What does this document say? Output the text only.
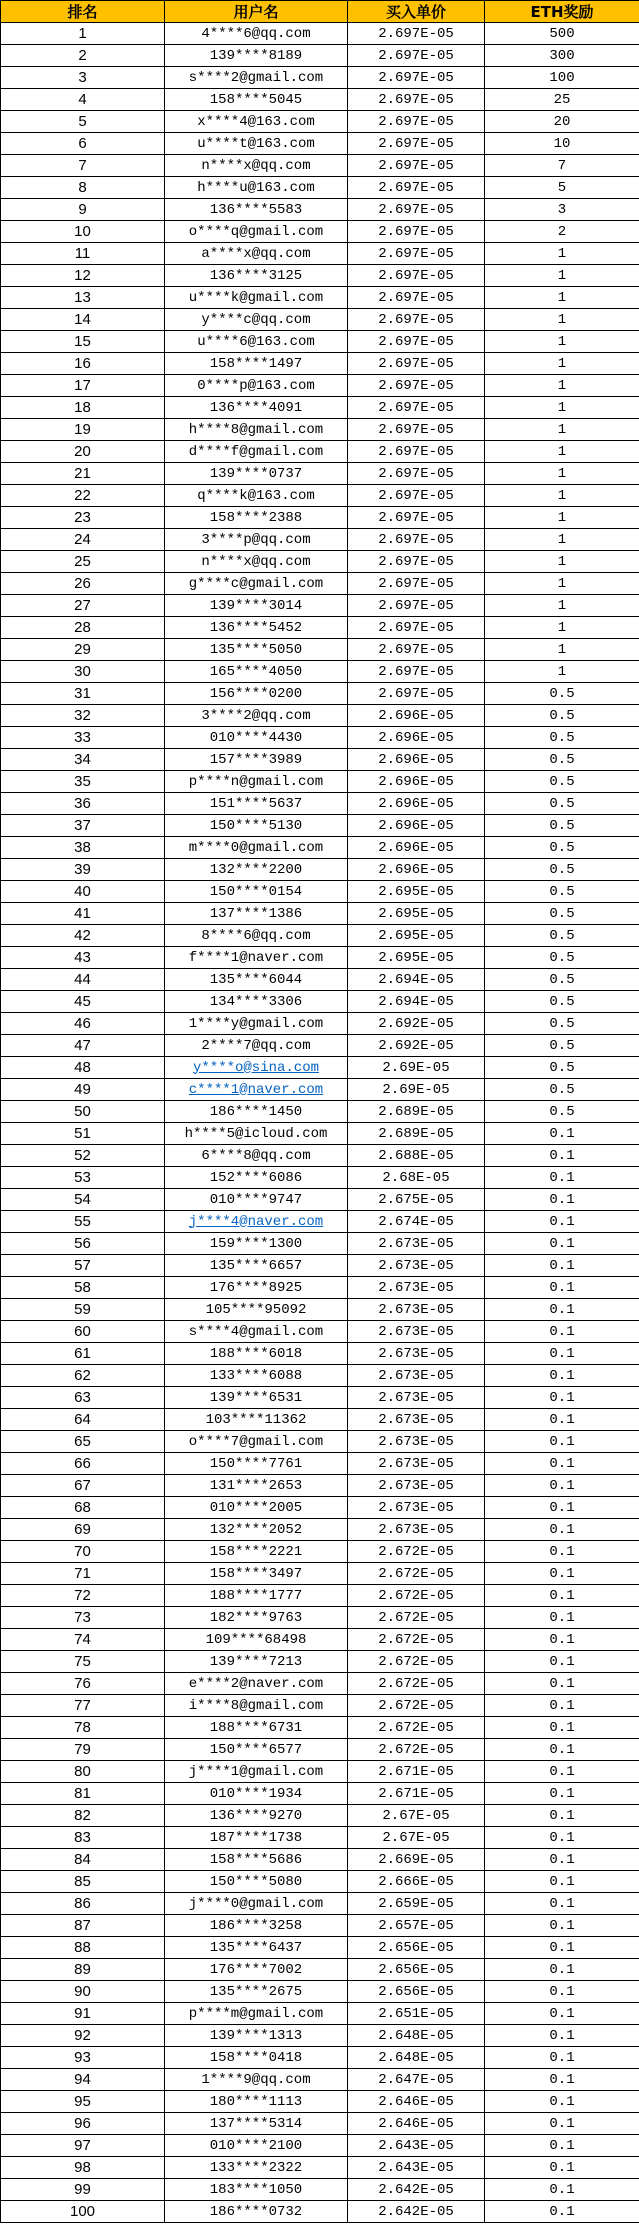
排名	用户名	买入单价	ETH奖励
1	4****6@qq.com	2.697E-05	500
2	139****8189	2.697E-05	300
3	s****2@gmail.com	2.697E-05	100
4	158****5045	2.697E-05	25
5	x****4@163.com	2.697E-05	20
6	u****t@163.com	2.697E-05	10
7	n****x@qq.com	2.697E-05	7
8	h****u@163.com	2.697E-05	5
9	136****5583	2.697E-05	3
10	o****q@gmail.com	2.697E-05	2
11	a****x@qq.com	2.697E-05	1
12	136****3125	2.697E-05	1
13	u****k@gmail.com	2.697E-05	1
14	y****c@qq.com	2.697E-05	1
15	u****6@163.com	2.697E-05	1
16	158****1497	2.697E-05	1
17	0****p@163.com	2.697E-05	1
18	136****4091	2.697E-05	1
19	h****8@gmail.com	2.697E-05	1
20	d****f@gmail.com	2.697E-05	1
21	139****0737	2.697E-05	1
22	q****k@163.com	2.697E-05	1
23	158****2388	2.697E-05	1
24	3****p@qq.com	2.697E-05	1
25	n****x@qq.com	2.697E-05	1
26	g****c@gmail.com	2.697E-05	1
27	139****3014	2.697E-05	1
28	136****5452	2.697E-05	1
29	135****5050	2.697E-05	1
30	165****4050	2.697E-05	1
31	156****0200	2.697E-05	0.5
32	3****2@qq.com	2.696E-05	0.5
33	010****4430	2.696E-05	0.5
34	157****3989	2.696E-05	0.5
35	p****n@gmail.com	2.696E-05	0.5
36	151****5637	2.696E-05	0.5
37	150****5130	2.696E-05	0.5
38	m****0@gmail.com	2.696E-05	0.5
39	132****2200	2.696E-05	0.5
40	150****0154	2.695E-05	0.5
41	137****1386	2.695E-05	0.5
42	8****6@qq.com	2.695E-05	0.5
43	f****1@naver.com	2.695E-05	0.5
44	135****6044	2.694E-05	0.5
45	134****3306	2.694E-05	0.5
46	1****y@gmail.com	2.692E-05	0.5
47	2****7@qq.com	2.692E-05	0.5
48	y****o@sina.com	2.69E-05	0.5
49	c****1@naver.com	2.69E-05	0.5
50	186****1450	2.689E-05	0.5
51	h****5@icloud.com	2.689E-05	0.1
52	6****8@qq.com	2.688E-05	0.1
53	152****6086	2.68E-05	0.1
54	010****9747	2.675E-05	0.1
55	j****4@naver.com	2.674E-05	0.1
56	159****1300	2.673E-05	0.1
57	135****6657	2.673E-05	0.1
58	176****8925	2.673E-05	0.1
59	105****95092	2.673E-05	0.1
60	s****4@gmail.com	2.673E-05	0.1
61	188****6018	2.673E-05	0.1
62	133****6088	2.673E-05	0.1
63	139****6531	2.673E-05	0.1
64	103****11362	2.673E-05	0.1
65	o****7@gmail.com	2.673E-05	0.1
66	150****7761	2.673E-05	0.1
67	131****2653	2.673E-05	0.1
68	010****2005	2.673E-05	0.1
69	132****2052	2.673E-05	0.1
70	158****2221	2.672E-05	0.1
71	158****3497	2.672E-05	0.1
72	188****1777	2.672E-05	0.1
73	182****9763	2.672E-05	0.1
74	109****68498	2.672E-05	0.1
75	139****7213	2.672E-05	0.1
76	e****2@naver.com	2.672E-05	0.1
77	i****8@gmail.com	2.672E-05	0.1
78	188****6731	2.672E-05	0.1
79	150****6577	2.672E-05	0.1
80	j****1@gmail.com	2.671E-05	0.1
81	010****1934	2.671E-05	0.1
82	136****9270	2.67E-05	0.1
83	187****1738	2.67E-05	0.1
84	158****5686	2.669E-05	0.1
85	150****5080	2.666E-05	0.1
86	j****0@gmail.com	2.659E-05	0.1
87	186****3258	2.657E-05	0.1
88	135****6437	2.656E-05	0.1
89	176****7002	2.656E-05	0.1
90	135****2675	2.656E-05	0.1
91	p****m@gmail.com	2.651E-05	0.1
92	139****1313	2.648E-05	0.1
93	158****0418	2.648E-05	0.1
94	1****9@qq.com	2.647E-05	0.1
95	180****1113	2.646E-05	0.1
96	137****5314	2.646E-05	0.1
97	010****2100	2.643E-05	0.1
98	133****2322	2.643E-05	0.1
99	183****1050	2.642E-05	0.1
100	186****0732	2.642E-05	0.1
